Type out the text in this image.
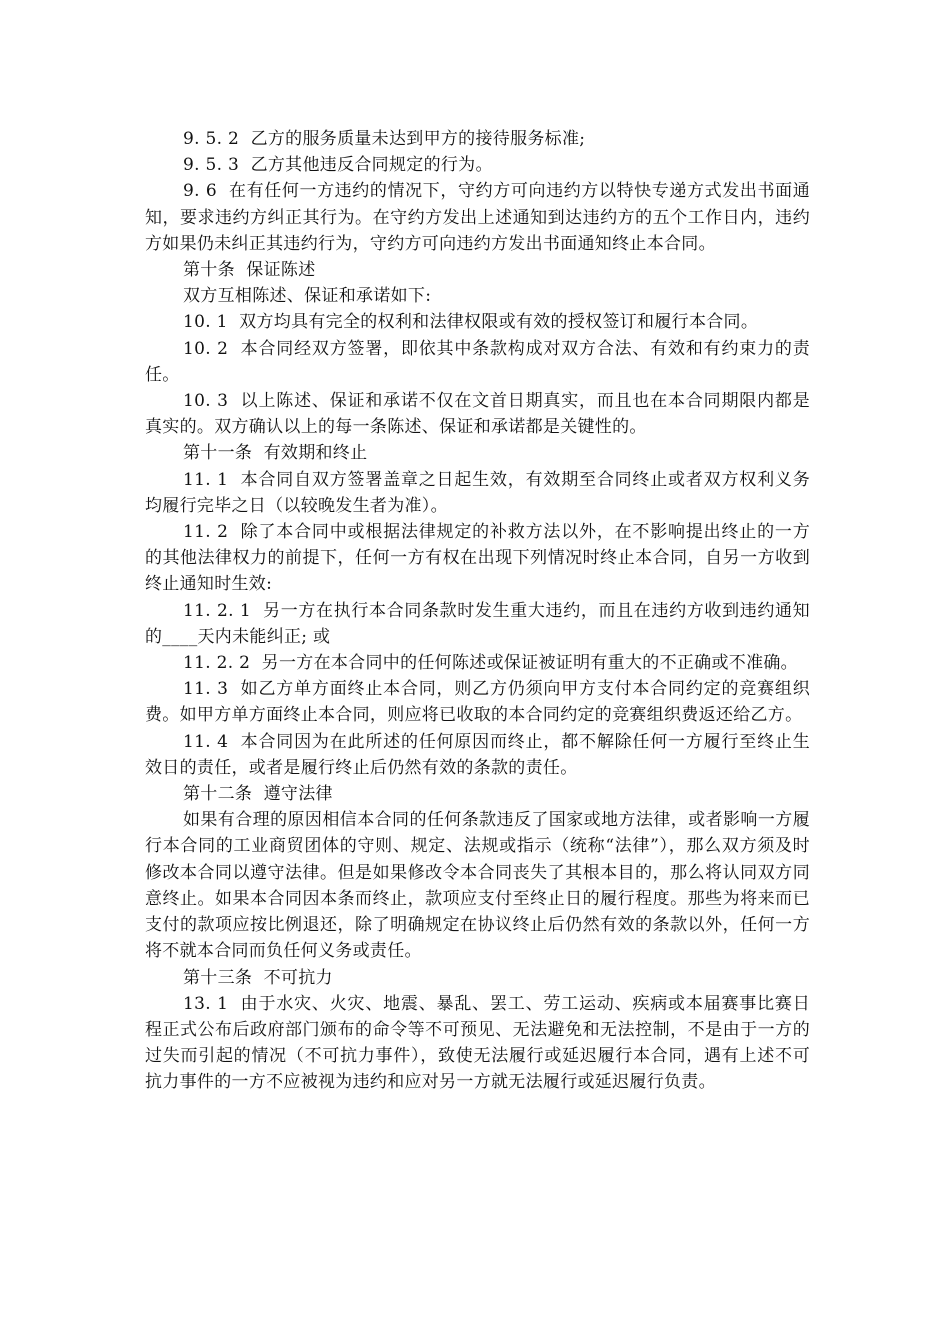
9. 5. 2  乙方的服务质量未达到甲方的接待服务标准;

9. 5. 3  乙方其他违反合同规定的行为。

9. 6  在有任何一方违约的情况下，守约方可向违约方以特快专递方式发出书面通知，要求违约方纠正其行为。在守约方发出上述通知到达违约方的五个工作日内，违约方如果仍未纠正其违约行为，守约方可向违约方发出书面通知终止本合同。

第十条  保证陈述

双方互相陈述、保证和承诺如下:

10. 1  双方均具有完全的权利和法律权限或有效的授权签订和履行本合同。

10. 2  本合同经双方签署，即依其中条款构成对双方合法、有效和有约束力的责任。

10. 3  以上陈述、保证和承诺不仅在文首日期真实，而且也在本合同期限内都是真实的。双方确认以上的每一条陈述、保证和承诺都是关键性的。

第十一条  有效期和终止

11. 1  本合同自双方签署盖章之日起生效，有效期至合同终止或者双方权利义务均履行完毕之日（以较晚发生者为准）。

11. 2  除了本合同中或根据法律规定的补救方法以外，在不影响提出终止的一方的其他法律权力的前提下，任何一方有权在出现下列情况时终止本合同，自另一方收到终止通知时生效:

11. 2. 1  另一方在执行本合同条款时发生重大违约，而且在违约方收到违约通知的____天内未能纠正; 或

11. 2. 2  另一方在本合同中的任何陈述或保证被证明有重大的不正确或不准确。

11. 3  如乙方单方面终止本合同，则乙方仍须向甲方支付本合同约定的竞赛组织费。如甲方单方面终止本合同，则应将已收取的本合同约定的竞赛组织费返还给乙方。

11. 4  本合同因为在此所述的任何原因而终止，都不解除任何一方履行至终止生效日的责任，或者是履行终止后仍然有效的条款的责任。

第十二条  遵守法律

如果有合理的原因相信本合同的任何条款违反了国家或地方法律，或者影响一方履行本合同的工业商贸团体的守则、规定、法规或指示（统称“法律”），那么双方须及时修改本合同以遵守法律。但是如果修改令本合同丧失了其根本目的，那么将认同双方同意终止。如果本合同因本条而终止，款项应支付至终止日的履行程度。那些为将来而已支付的款项应按比例退还，除了明确规定在协议终止后仍然有效的条款以外，任何一方将不就本合同而负任何义务或责任。

第十三条  不可抗力

13. 1  由于水灾、火灾、地震、暴乱、罢工、劳工运动、疾病或本届赛事比赛日程正式公布后政府部门颁布的命令等不可预见、无法避免和无法控制，不是由于一方的过失而引起的情况（不可抗力事件），致使无法履行或延迟履行本合同，遇有上述不可抗力事件的一方不应被视为违约和应对另一方就无法履行或延迟履行负责。
